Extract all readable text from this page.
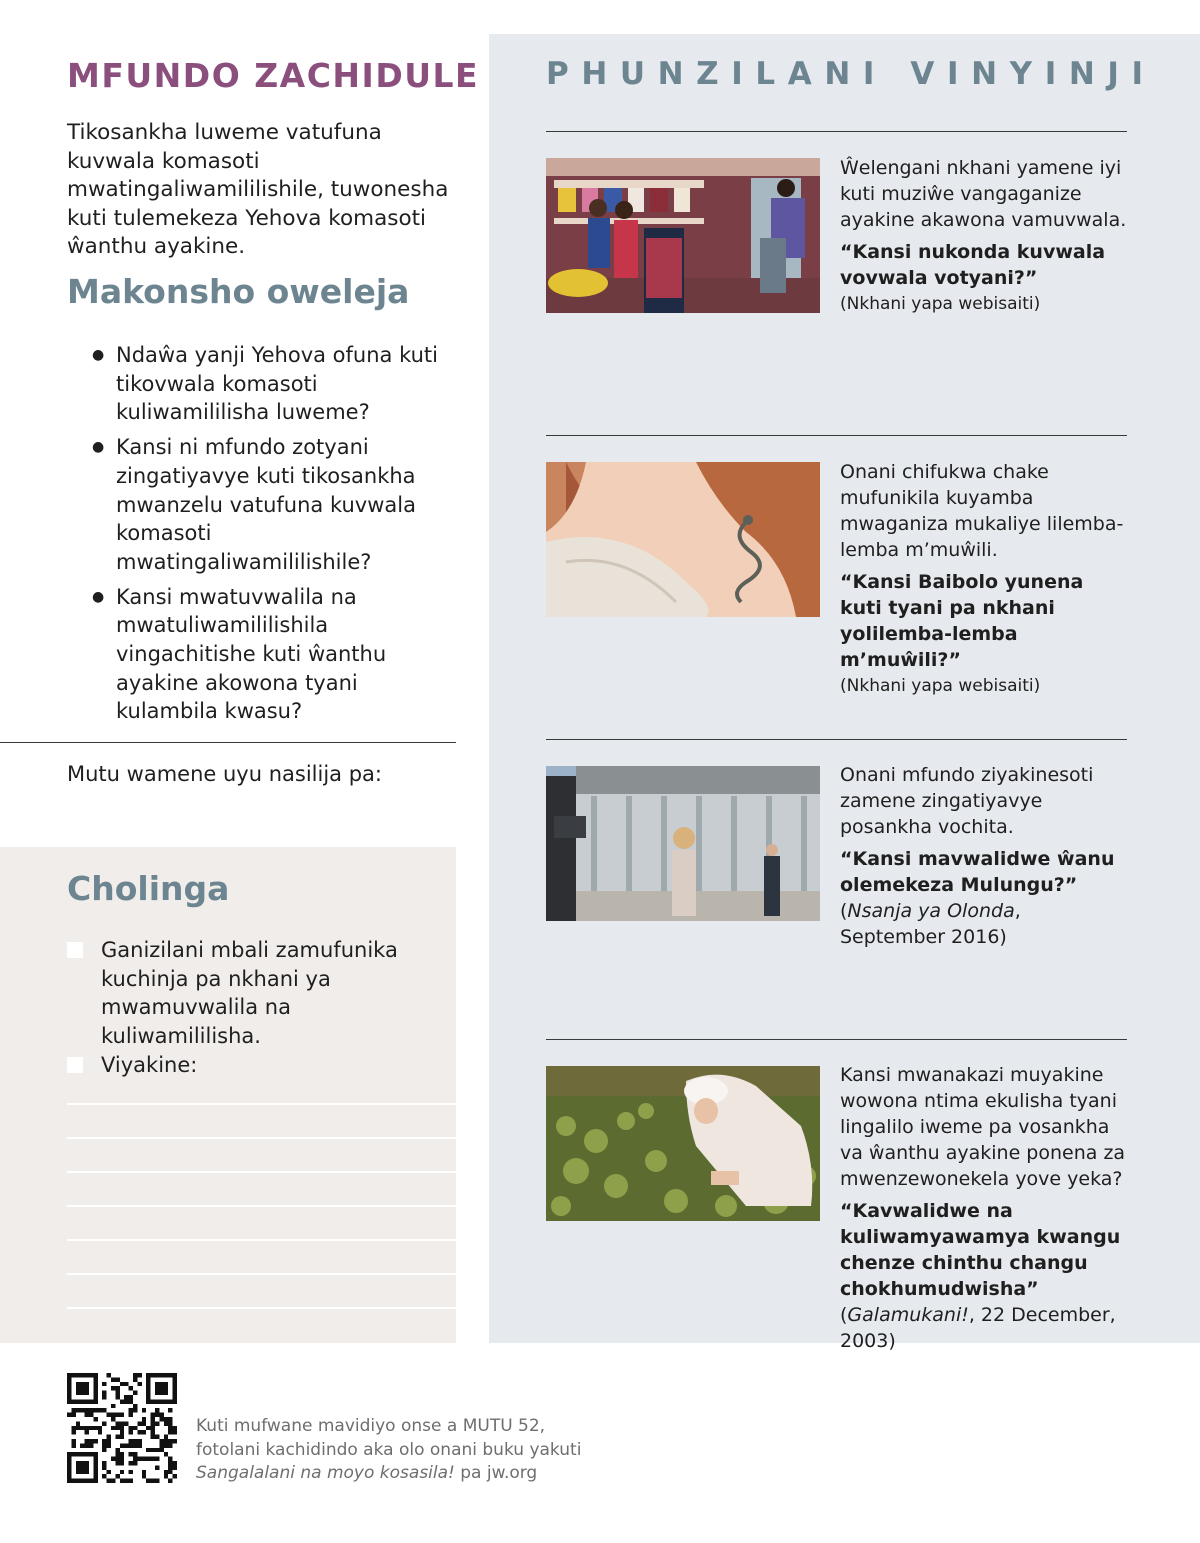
MFUNDO ZACHIDULE

Tikosankha luweme vatufuna kuvwala komasoti mwatingaliwamililishile, tuwonesha kuti tulemekeza Yehova komasoti ŵanthu ayakine.

Makonsho oweleja
● Ndaŵa yanji Yehova ofuna kuti tikovwala komasoti kuliwamililisha luweme?
● Kansi ni mfundo zotyani zingatiyavye kuti tikosankha mwanzelu vatufuna kuvwala komasoti mwatingaliwamililishile?
● Kansi mwatuvwalila na mwatuliwamililishila vingachitishe kuti ŵanthu ayakine akowona tyani kulambila kwasu?
Mutu wamene uyu nasilija pa:
Cholinga
Ganizilani mbali zamufunika kuchinja pa nkhani ya mwamuvwalila na kuliwamililisha.
Viyakine:
PHUNZILANI VINYINJI
Ŵelengani nkhani yamene iyi kuti muziŵe vangaganize ayakine akawona vamuvwala.
“Kansi nukonda kuvwala vovwala votyani?”
(Nkhani yapa webisaiti)
Onani chifukwa chake mufunikila kuyamba mwaganiza mukaliye lilemba-lemba m’muŵili.
“Kansi Baibolo yunena kuti tyani pa nkhani yolilemba-lemba m’muŵili?”
(Nkhani yapa webisaiti)
Onani mfundo ziyakinesoti zamene zingatiyavye posankha vochita.
“Kansi mavwalidwe ŵanu olemekeza Mulungu?” (Nsanja ya Olonda, September 2016)
Kansi mwanakazi muyakine wowona ntima ekulisha tyani lingalilo iweme pa vosankha va ŵanthu ayakine ponena za mwenzewonekela yove yeka?
“Kavwalidwe na kuliwamyawamya kwangu chenze chinthu changu chokhumudwisha” (Galamukani!, 22 December, 2003)
Kuti mufwane mavidiyo onse a MUTU 52,
fotolani kachidindo aka olo onani buku yakuti
Sangalalani na moyo kosasila! pa jw.org
